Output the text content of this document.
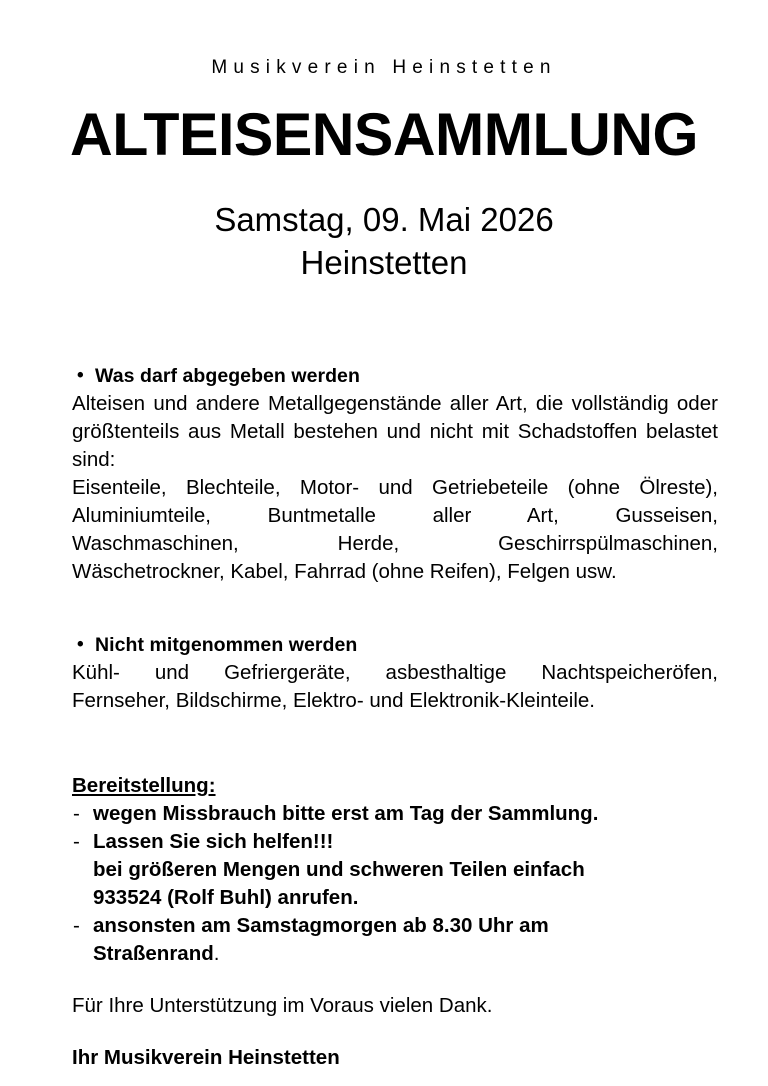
Musikverein Heinstetten
ALTEISENSAMMLUNG
Samstag, 09. Mai 2026
Heinstetten
• Was darf abgegeben werden

Alteisen und andere Metallgegenstände aller Art, die vollständig oder größtenteils aus Metall bestehen und nicht mit Schadstoffen belastet sind:

Eisenteile, Blechteile, Motor- und Getriebeteile (ohne Ölreste),
Aluminiumteile, Buntmetalle aller Art, Gusseisen,
Waschmaschinen, Herde, Geschirrspülmaschinen,
Wäschetrockner, Kabel, Fahrrad (ohne Reifen), Felgen usw.
• Nicht mitgenommen werden
Kühl- und Gefriergeräte, asbesthaltige Nachtspeicheröfen,
Fernseher, Bildschirme, Elektro- und Elektronik-Kleinteile.
Bereitstellung:
- wegen Missbrauch bitte erst am Tag der Sammlung.
- Lassen Sie sich helfen!!!
bei größeren Mengen und schweren Teilen einfach
933524 (Rolf Buhl) anrufen.
- ansonsten am Samstagmorgen ab 8.30 Uhr am
Straßenrand.

Für Ihre Unterstützung im Voraus vielen Dank.

Ihr Musikverein Heinstetten
